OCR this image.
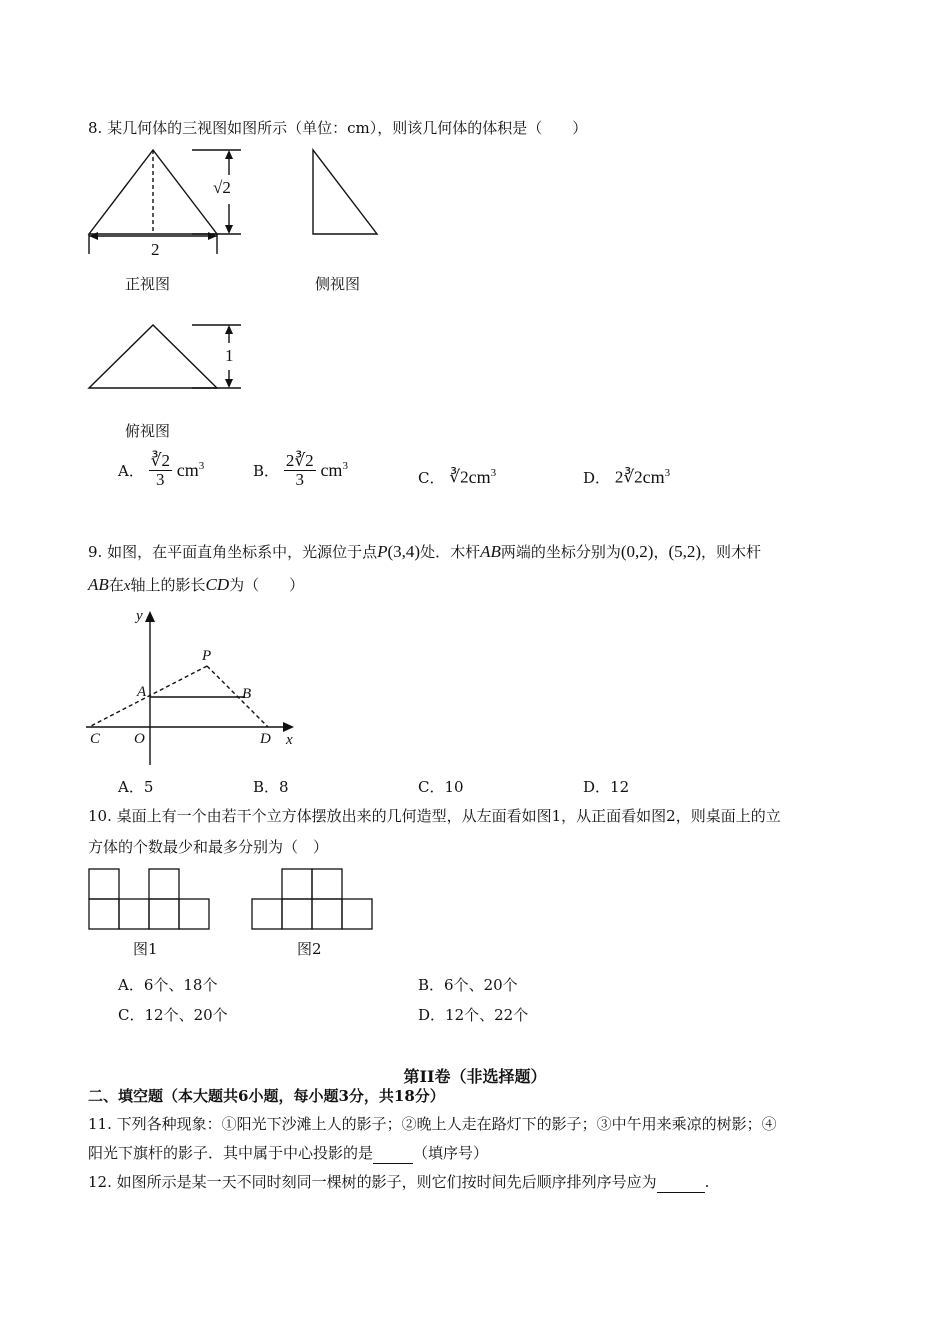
8. 某几何体的三视图如图所示（单位：cm），则该几何体的体积是（　　）
2
√2
1
正视图	侧视图
俯视图
A． $\frac{∛2}{3} cm^3$	B． $\frac{2∛2}{3} cm^3$
C． $∛2cm^3$	D． $2∛2cm^3$
9. 如图，在平面直角坐标系中，光源位于点P(3,4)处．木杆AB两端的坐标分别为(0,2)，(5,2)，则木杆
AB在x轴上的影长CD为（　　）
y
x
P
A	B
C O	D
A．5	B．8	C．10	D．12
10. 桌面上有一个由若干个立方体摆放出来的几何造型，从左面看如图1，从正面看如图2，则桌面上的立
方体的个数最少和最多分别为（　）
图1	图2
A．6个、18个	B．6个、20个
C．12个、20个	D．12个、22个
第II卷（非选择题）
二、填空题（本大题共6小题，每小题3分，共18分）
11. 下列各种现象：①阳光下沙滩上人的影子；②晚上人走在路灯下的影子；③中午用来乘凉的树影；④
阳光下旗杆的影子．其中属于中心投影的是	（填序号）
12. 如图所示是某一天不同时刻同一棵树的影子，则它们按时间先后顺序排列序号应为	.
